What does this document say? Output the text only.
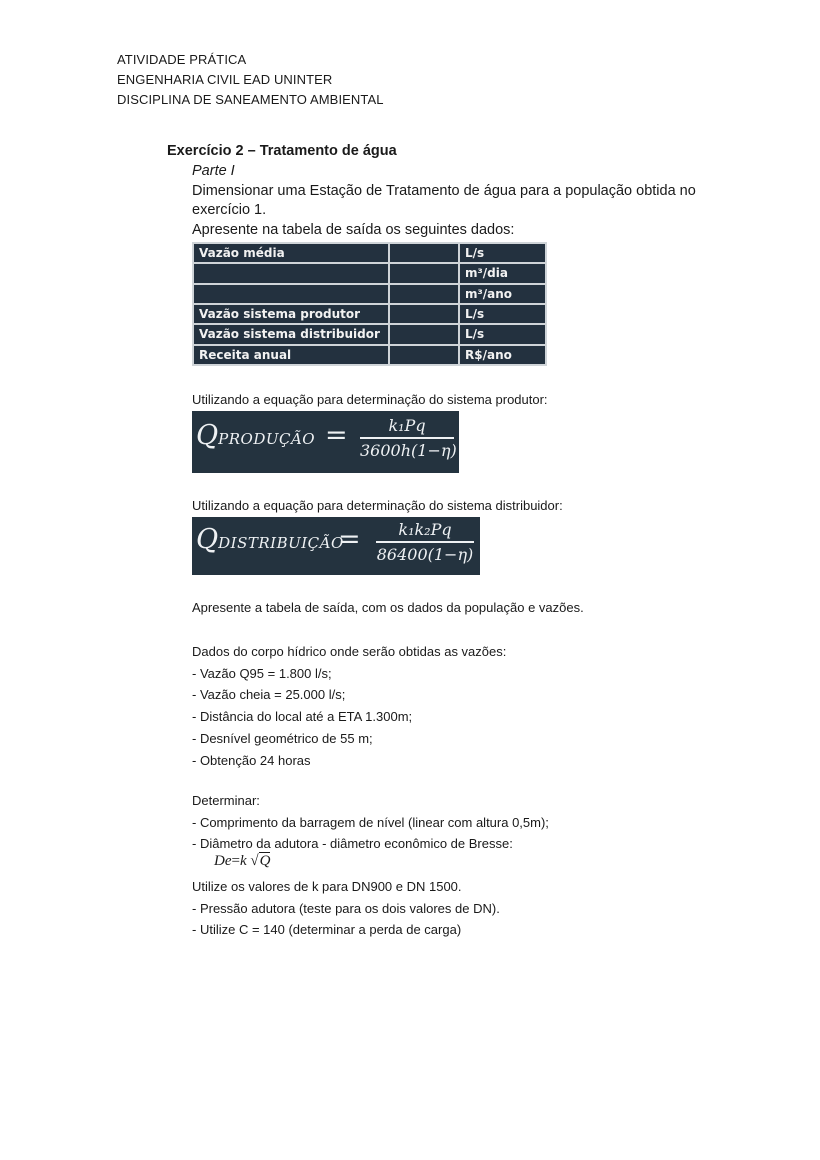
ATIVIDADE PRÁTICA
ENGENHARIA CIVIL EAD UNINTER
DISCIPLINA DE SANEAMENTO AMBIENTAL
Exercício 2 – Tratamento de água
Parte I
Dimensionar uma Estação de Tratamento de água para a população obtida no exercício 1.
Apresente na tabela de saída os seguintes dados:
Vazão média		L/s
		m³/dia
		m³/ano
Vazão sistema produtor		L/s
Vazão sistema distribuidor		L/s
Receita anual		R$/ano
Utilizando a equação para determinação do sistema produtor:
QPRODUÇÃO =	k₁Pq
3600h(1−η)
Utilizando a equação para determinação do sistema distribuidor:
QDISTRIBUIÇÃO
=	k₁k₂Pq
86400(1−η)
Apresente a tabela de saída, com os dados da população e vazões.
Dados do corpo hídrico onde serão obtidas as vazões:
- Vazão Q95 = 1.800 l/s;
- Vazão cheia = 25.000 l/s;
- Distância do local até a ETA 1.300m;
- Desnível geométrico de 55 m;
- Obtenção 24 horas
Determinar:
- Comprimento da barragem de nível (linear com altura 0,5m);
- Diâmetro da adutora - diâmetro econômico de Bresse:
De=k √Q
Utilize os valores de k para DN900 e DN 1500.
- Pressão adutora (teste para os dois valores de DN).
- Utilize C = 140 (determinar a perda de carga)
